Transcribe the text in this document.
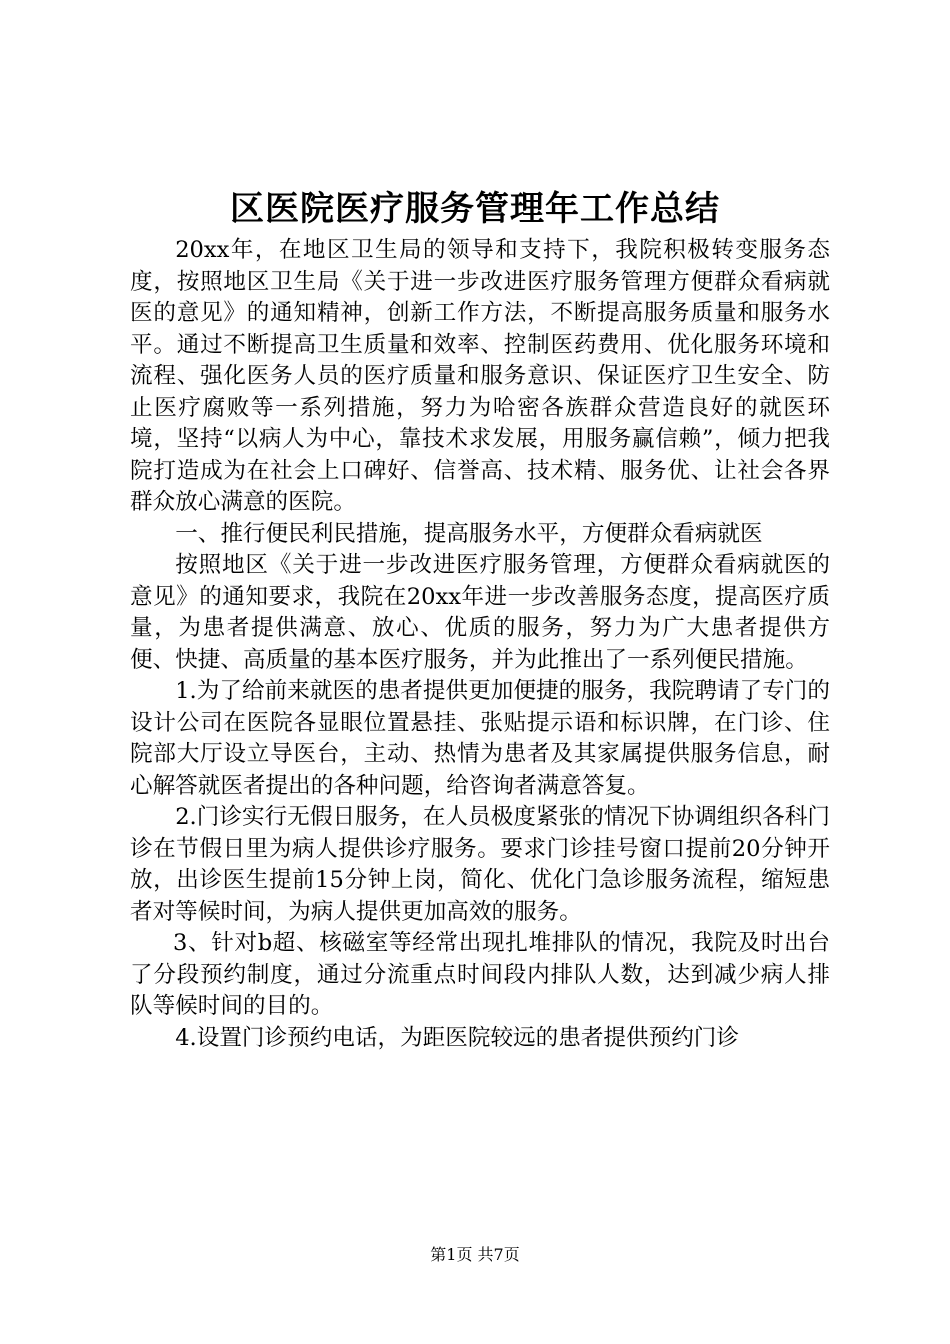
区医院医疗服务管理年工作总结

20xx年，在地区卫生局的领导和支持下，我院积极转变服务态度，按照地区卫生局《关于进一步改进医疗服务管理方便群众看病就医的意见》的通知精神，创新工作方法，不断提高服务质量和服务水平。通过不断提高卫生质量和效率、控制医药费用、优化服务环境和流程、强化医务人员的医疗质量和服务意识、保证医疗卫生安全、防止医疗腐败等一系列措施，努力为哈密各族群众营造良好的就医环境，坚持“以病人为中心，靠技术求发展，用服务赢信赖”，倾力把我院打造成为在社会上口碑好、信誉高、技术精、服务优、让社会各界群众放心满意的医院。

一、推行便民利民措施，提高服务水平，方便群众看病就医

按照地区《关于进一步改进医疗服务管理，方便群众看病就医的意见》的通知要求，我院在20xx年进一步改善服务态度，提高医疗质量，为患者提供满意、放心、优质的服务，努力为广大患者提供方便、快捷、高质量的基本医疗服务，并为此推出了一系列便民措施。

1.为了给前来就医的患者提供更加便捷的服务，我院聘请了专门的设计公司在医院各显眼位置悬挂、张贴提示语和标识牌，在门诊、住院部大厅设立导医台，主动、热情为患者及其家属提供服务信息，耐心解答就医者提出的各种问题，给咨询者满意答复。

2.门诊实行无假日服务，在人员极度紧张的情况下协调组织各科门诊在节假日里为病人提供诊疗服务。要求门诊挂号窗口提前20分钟开放，出诊医生提前15分钟上岗，简化、优化门急诊服务流程，缩短患者对等候时间，为病人提供更加高效的服务。

3、针对b超、核磁室等经常出现扎堆排队的情况，我院及时出台了分段预约制度，通过分流重点时间段内排队人数，达到减少病人排队等候时间的目的。

4.设置门诊预约电话，为距医院较远的患者提供预约门诊

第1页 共7页
